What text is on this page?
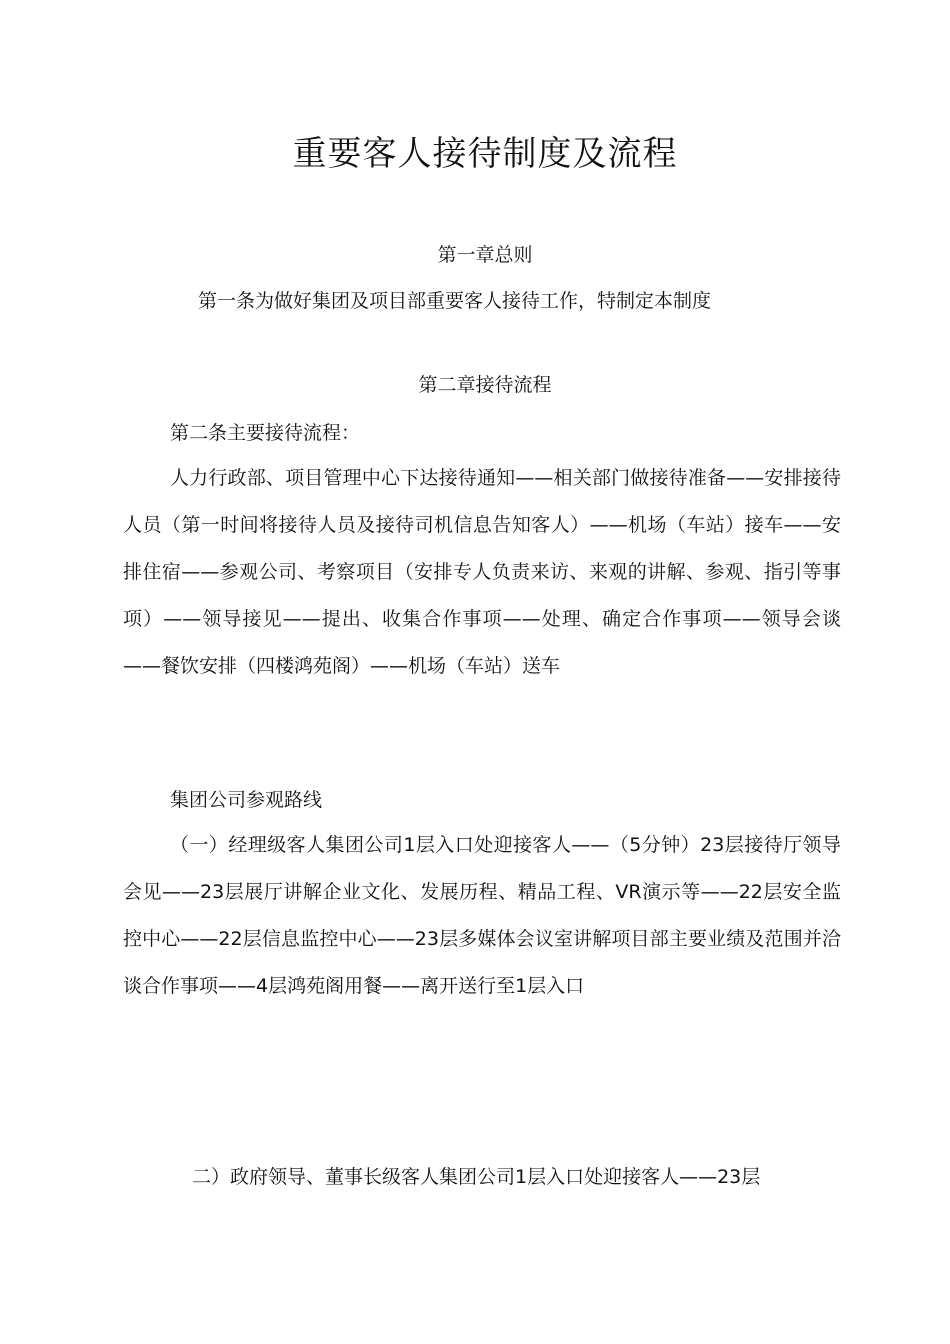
重要客人接待制度及流程
第一章总则

第一条为做好集团及项目部重要客人接待工作，特制定本制度

第二章接待流程

第二条主要接待流程：

人力行政部、项目管理中心下达接待通知——相关部门做接待准备——安排接待人员（第一时间将接待人员及接待司机信息告知客人）——机场（车站）接车——安排住宿——参观公司、考察项目（安排专人负责来访、来观的讲解、参观、指引等事项）——领导接见——提出、收集合作事项——处理、确定合作事项——领导会谈——餐饮安排（四楼鸿苑阁）——机场（车站）送车

集团公司参观路线

（一）经理级客人集团公司1层入口处迎接客人——（5分钟）23层接待厅领导会见——23层展厅讲解企业文化、发展历程、精品工程、VR演示等——22层安全监控中心——22层信息监控中心——23层多媒体会议室讲解项目部主要业绩及范围并洽谈合作事项——4层鸿苑阁用餐——离开送行至1层入口

二）政府领导、董事长级客人集团公司1层入口处迎接客人——23层
